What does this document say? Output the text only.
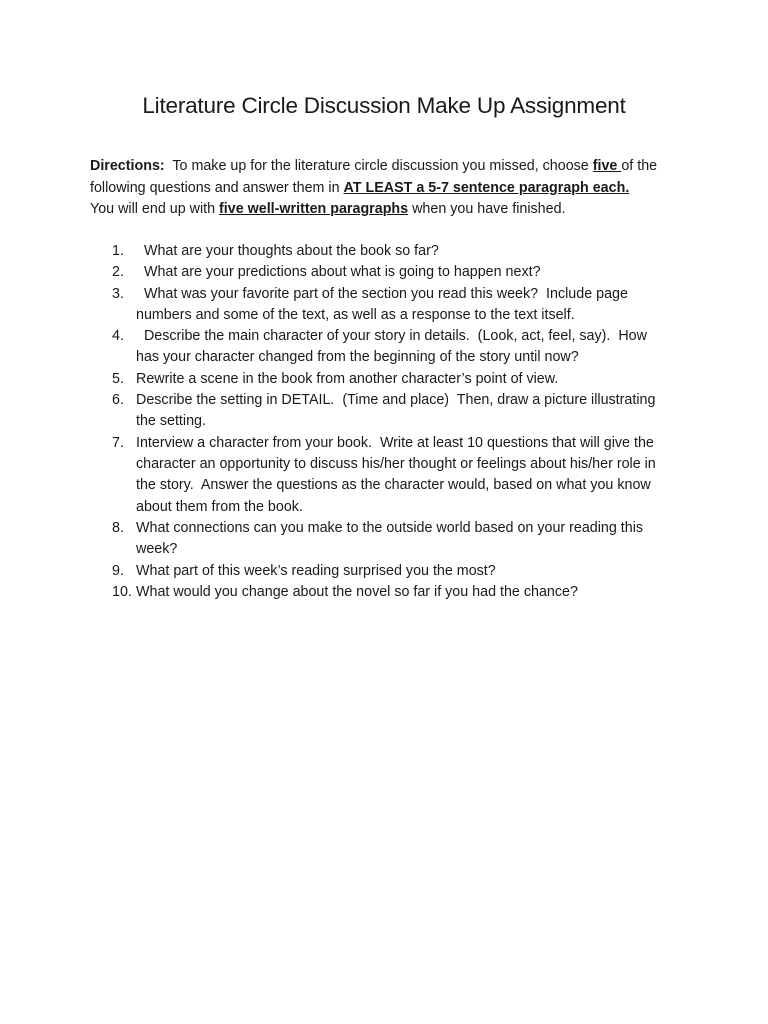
Literature Circle Discussion Make Up Assignment
Directions:  To make up for the literature circle discussion you missed, choose five of the
following questions and answer them in AT LEAST a 5-7 sentence paragraph each.
You will end up with five well-written paragraphs when you have finished.
1. What are your thoughts about the book so far?
2. What are your predictions about what is going to happen next?
3. What was your favorite part of the section you read this week?  Include page
numbers and some of the text, as well as a response to the text itself.
4. Describe the main character of your story in details.  (Look, act, feel, say).  How
has your character changed from the beginning of the story until now?
5. Rewrite a scene in the book from another character’s point of view.
6. Describe the setting in DETAIL.  (Time and place)  Then, draw a picture illustrating
the setting.
7. Interview a character from your book.  Write at least 10 questions that will give the
character an opportunity to discuss his/her thought or feelings about his/her role in
the story.  Answer the questions as the character would, based on what you know
about them from the book.
8. What connections can you make to the outside world based on your reading this
week?
9. What part of this week’s reading surprised you the most?
10. What would you change about the novel so far if you had the chance?
